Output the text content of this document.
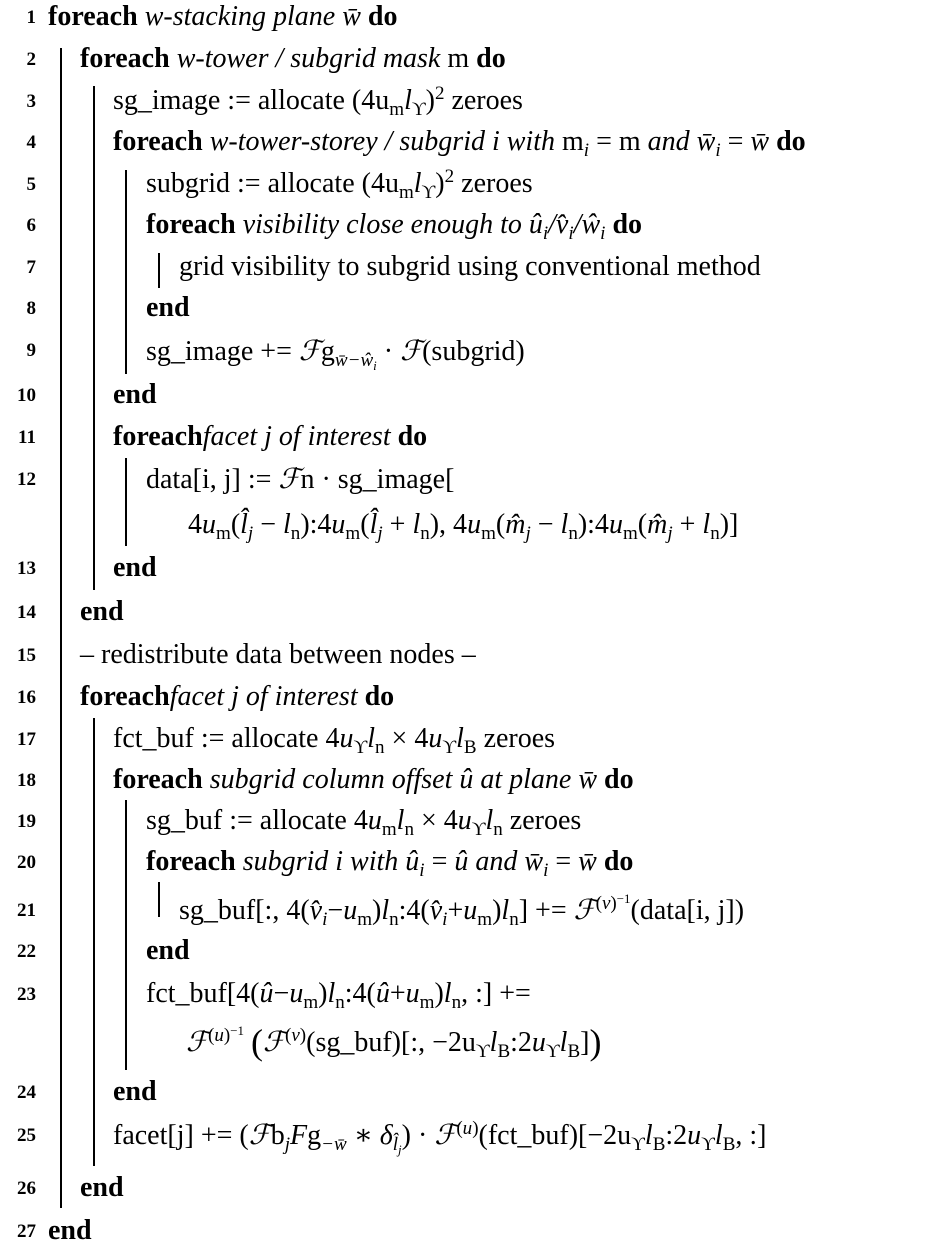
1
2
3
4
5
6
7
8
9
10
11
12
13
14
15
16
17
18
19
20
21
22
23
24
25
26
27
foreach w-stacking plane w̄ do
foreach w-tower / subgrid mask m do
sg_image := allocate $(4u_ml_ϒ)^2$ zeroes
foreach w-tower-storey / subgrid i with $m_i = m$ and $w̄_i$ = w̄ do
subgrid := allocate $(4u_ml_ϒ)^2$ zeroes
foreach visibility close enough to $û_i/v̂_i/ŵ_i$ do
grid visibility to subgrid using conventional method
end
sg_image += ℱg$_{w̄-ŵ_i}$ · ℱ(subgrid)
end
foreachfacet j of interest do
data[i, j] := ℱn · sg_image[
$4u_m(l̂_j$ − $l_n):4u_m(l̂_j + l_n)$, $4u_m(m̂_j$ − $l_n):4u_m(m̂_j + l_n)$]
end
end
– redistribute data between nodes –
foreachfacet j of interest do
fct_buf := allocate $4u_ϒl_n \times 4u_ϒl_B$ zeroes
foreach subgrid column offset û at plane w̄ do
sg_buf := allocate $4u_ml_n \times 4u_ϒl_n$ zeroes
foreach subgrid i with $û_i$ = û and $w̄_i$ = w̄ do
sg_buf[:, $4(v̂_i-u_m)l_n:4(v̂_i+u_m)l_n$] += ℱ$^{(v)^{-1}}$(data[i, j])
end
$fct\_buf[4(û-u_m)l_n:4(û+u_m)l_n$, :] +=
ℱ$^{(u)^{-1}}$ (ℱ$^{(v)}$(sg_buf)[:, $-2u_ϒl_B:2u_ϒl_B$])
end
facet[j] += ($ℱb_jFg_{-w̄}$ ∗ $\delta_{l̂_j}$) · $ℱ^{(u)}(fct\_buf)[-2u_ϒl_B:2u_ϒl_B$, :]
end
end
